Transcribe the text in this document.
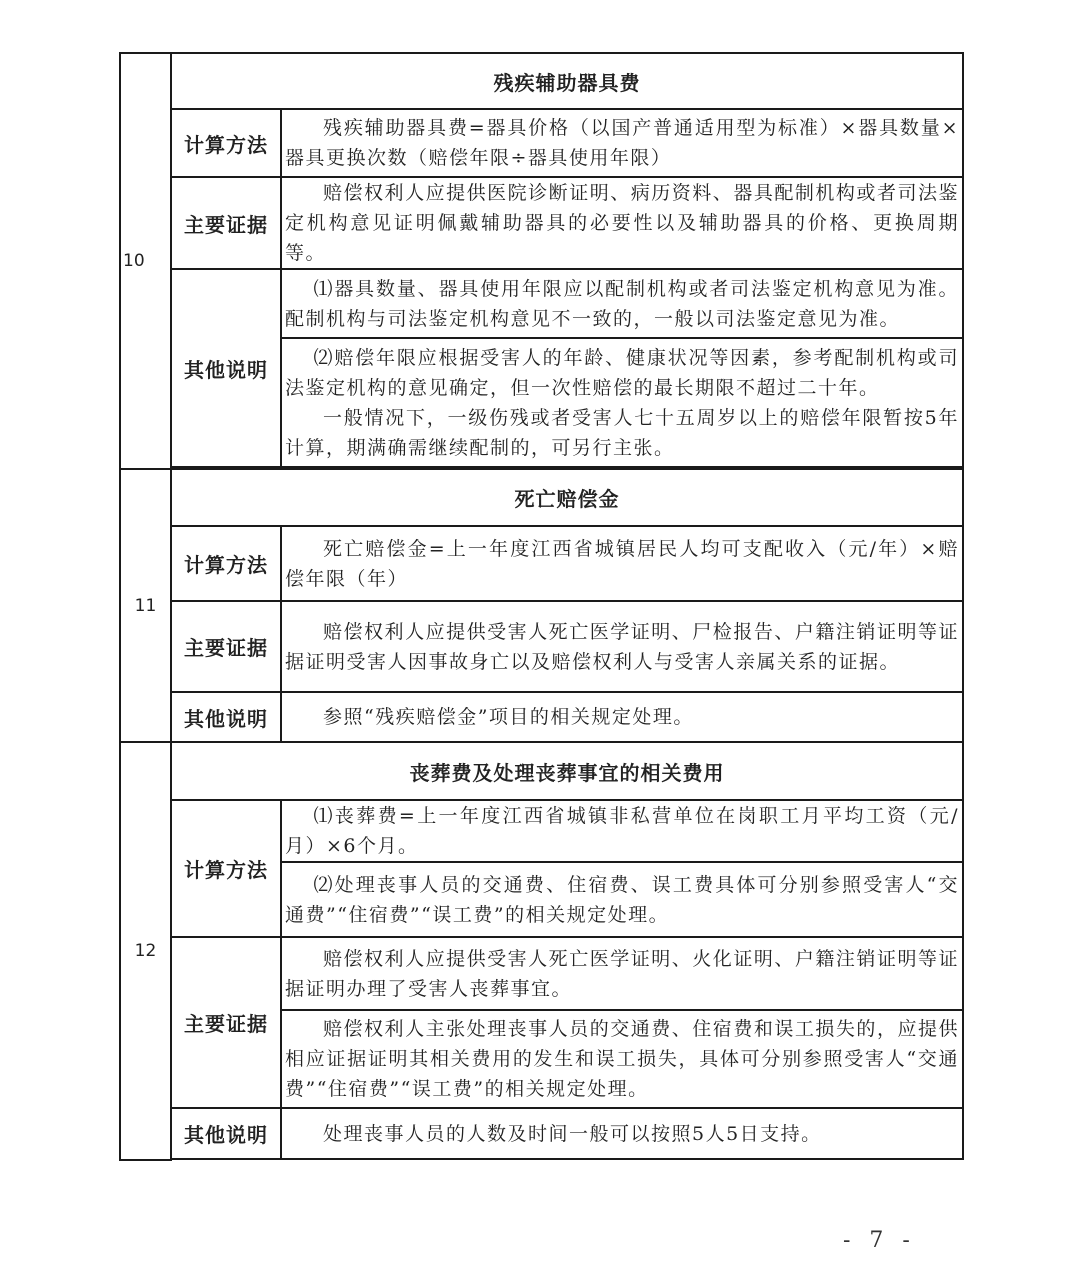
10	残疾辅助器具费	
	计算方法	残疾辅助器具费=器具价格（以国产普通适用型为标准）×器具数量×器具更换次数（赔偿年限÷器具使用年限）

	主要证据	赔偿权利人应提供医院诊断证明、病历资料、器具配制机构或者司法鉴定机构意见证明佩戴辅助器具的必要性以及辅助器具的价格、更换周期等。

	其他说明	⑴器具数量、器具使用年限应以配制机构或者司法鉴定机构意见为准。配制机构与司法鉴定机构意见不一致的，一般以司法鉴定意见为准。

		⑵赔偿年限应根据受害人的年龄、健康状况等因素，参考配制机构或司法鉴定机构的意见确定，但一次性赔偿的最长期限不超过二十年。

一般情况下，一级伤残或者受害人七十五周岁以上的赔偿年限暂按5年计算，期满确需继续配制的，可另行主张。

11	死亡赔偿金	
	计算方法	死亡赔偿金=上一年度江西省城镇居民人均可支配收入（元/年）×赔偿年限（年）

	主要证据	赔偿权利人应提供受害人死亡医学证明、尸检报告、户籍注销证明等证据证明受害人因事故身亡以及赔偿权利人与受害人亲属关系的证据。

	其他说明	参照“残疾赔偿金”项目的相关规定处理。

12	丧葬费及处理丧葬事宜的相关费用	
	计算方法	⑴丧葬费=上一年度江西省城镇非私营单位在岗职工月平均工资（元/月）×6个月。

		⑵处理丧事人员的交通费、住宿费、误工费具体可分别参照受害人“交通费”“住宿费”“误工费”的相关规定处理。

	主要证据	赔偿权利人应提供受害人死亡医学证明、火化证明、户籍注销证明等证据证明办理了受害人丧葬事宜。

		赔偿权利人主张处理丧事人员的交通费、住宿费和误工损失的，应提供相应证据证明其相关费用的发生和误工损失，具体可分别参照受害人“交通费”“住宿费”“误工费”的相关规定处理。

	其他说明	处理丧事人员的人数及时间一般可以按照5人5日支持。

- 7 -
